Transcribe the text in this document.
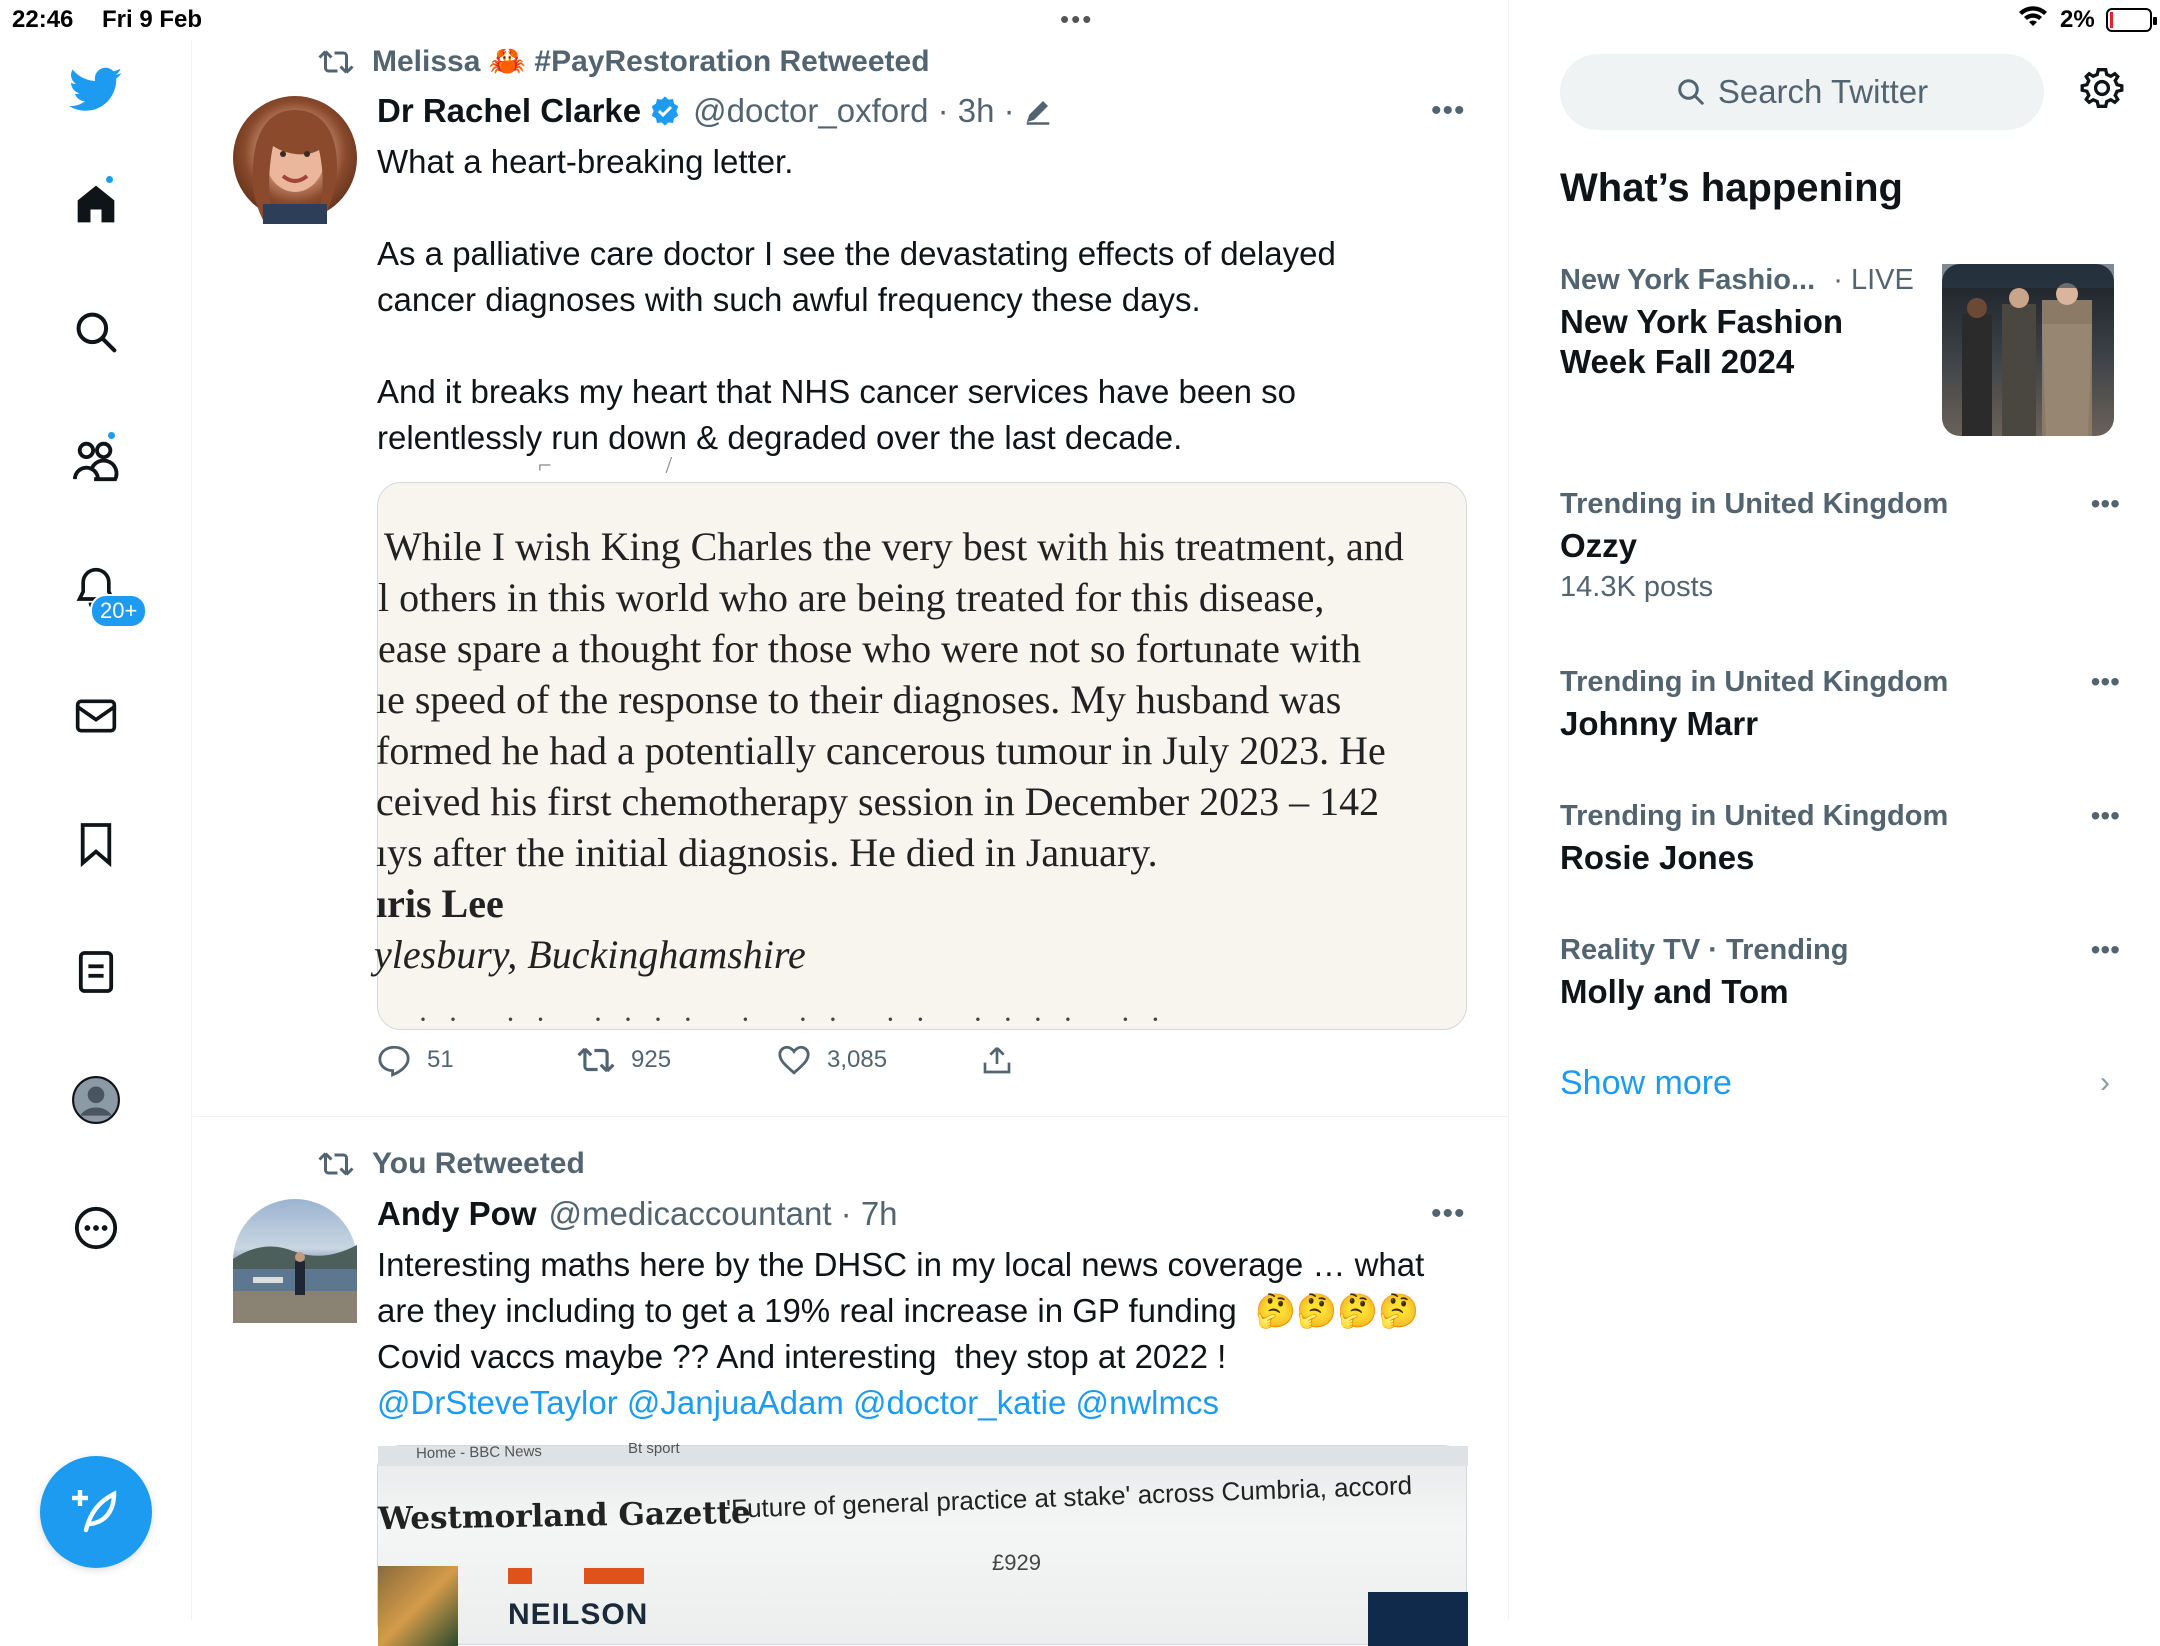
22:46 Fri 9 Feb	•••	2%
20+
Melissa 🦀 #PayRestoration Retweeted
Dr Rachel Clarke @doctor_oxford · 3h ·	•••
What a heart-breaking letter.

As a palliative care doctor I see the devastating effects of delayed cancer diagnoses with such awful frequency these days.

And it breaks my heart that NHS cancer services have been so relentlessly run down & degraded over the last decade.
⌐                   /
While I wish King Charles the very best with his treatment, and
l others in this world who are being treated for this disease,
ease spare a thought for those who were not so fortunate with
ıe speed of the response to their diagnoses. My husband was
formed he had a potentially cancerous tumour in July 2023. He
ceived his first chemotherapy session in December 2023 – 142
ıys after the initial diagnosis. He died in January.
ıris Lee
ylesbury, Buckinghamshire
·· ·· ···· · ·· ·· ···· ··
51	925	3,085
You Retweeted
Andy Pow @medicaccountant · 7h	•••
Interesting maths here by the DHSC in my local news coverage … what are they including to get a 19% real increase in GP funding  🤔🤔🤔🤔
Covid vaccs maybe ?? And interesting  they stop at 2022 !
@DrSteveTaylor @JanjuaAdam @doctor_katie @nwlmcs
Home - BBC News	Bt sport
Westmorland Gazette
'Future of general practice at stake' across Cumbria, accord
£929
NEILSON
Search Twitter
What’s happening
New York Fashio... · LIVE
New York Fashion
Week Fall 2024
Trending in United Kingdom
Ozzy
14.3K posts
•••
Trending in United Kingdom
Johnny Marr
•••
Trending in United Kingdom
Rosie Jones
•••
Reality TV · Trending
Molly and Tom
•••
Show more	›
